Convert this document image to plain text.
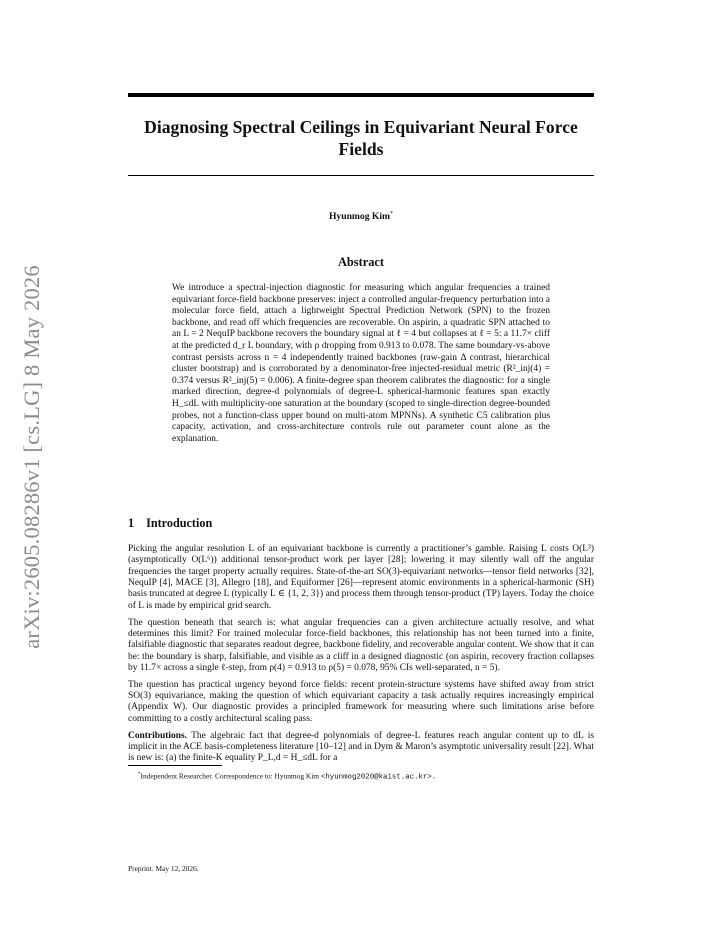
arXiv:2605.08286v1 [cs.LG] 8 May 2026
Diagnosing Spectral Ceilings in Equivariant Neural Force Fields
Hyunmog Kim*
Abstract

We introduce a spectral-injection diagnostic for measuring which angular frequencies a trained equivariant force-field backbone preserves: inject a controlled angular-frequency perturbation into a molecular force field, attach a lightweight Spectral Prediction Network (SPN) to the frozen backbone, and read off which frequencies are recoverable. On aspirin, a quadratic SPN attached to an L = 2 NequIP backbone recovers the boundary signal at ℓ = 4 but collapses at ℓ = 5: a 11.7× cliff at the predicted d_r L boundary, with ρ dropping from 0.913 to 0.078. The same boundary-vs-above contrast persists across n = 4 independently trained backbones (raw-gain Δ contrast, hierarchical cluster bootstrap) and is corroborated by a denominator-free injected-residual metric (R²_inj(4) = 0.374 versus R²_inj(5) = 0.006). A finite-degree span theorem calibrates the diagnostic: for a single marked direction, degree-d polynomials of degree-L spherical-harmonic features span exactly H_≤dL with multiplicity-one saturation at the boundary (scoped to single-direction degree-bounded probes, not a function-class upper bound on multi-atom MPNNs). A synthetic C5 calibration plus capacity, activation, and cross-architecture controls rule out parameter count alone as the explanation.

1 Introduction

Picking the angular resolution L of an equivariant backbone is currently a practitioner’s gamble. Raising L costs O(L³) (asymptotically O(L⁶)) additional tensor-product work per layer [28]; lowering it may silently wall off the angular frequencies the target property actually requires. State-of-the-art SO(3)-equivariant networks—tensor field networks [32], NequIP [4], MACE [3], Allegro [18], and Equiformer [26]—represent atomic environments in a spherical-harmonic (SH) basis truncated at degree L (typically L ∈ {1, 2, 3}) and process them through tensor-product (TP) layers. Today the choice of L is made by empirical grid search.

The question beneath that search is: what angular frequencies can a given architecture actually resolve, and what determines this limit? For trained molecular force-field backbones, this relationship has not been turned into a finite, falsifiable diagnostic that separates readout degree, backbone fidelity, and recoverable angular content. We show that it can be: the boundary is sharp, falsifiable, and visible as a cliff in a designed diagnostic (on aspirin, recovery fraction collapses by 11.7× across a single ℓ-step, from ρ(4) = 0.913 to ρ(5) = 0.078, 95% CIs well-separated, n = 5).

The question has practical urgency beyond force fields: recent protein-structure systems have shifted away from strict SO(3) equivariance, making the question of which equivariant capacity a task actually requires increasingly empirical (Appendix W). Our diagnostic provides a principled framework for measuring where such limitations arise before committing to a costly architectural scaling pass.

Contributions. The algebraic fact that degree-d polynomials of degree-L features reach angular content up to dL is implicit in the ACE basis-completeness literature [10–12] and in Dym & Maron’s asymptotic universality result [22]. What is new is: (a) the finite-K equality P_L,d = H_≤dL for a

*Independent Researcher. Correspondence to: Hyunmog Kim <hyunmog2020@kaist.ac.kr>.
Preprint. May 12, 2026.
